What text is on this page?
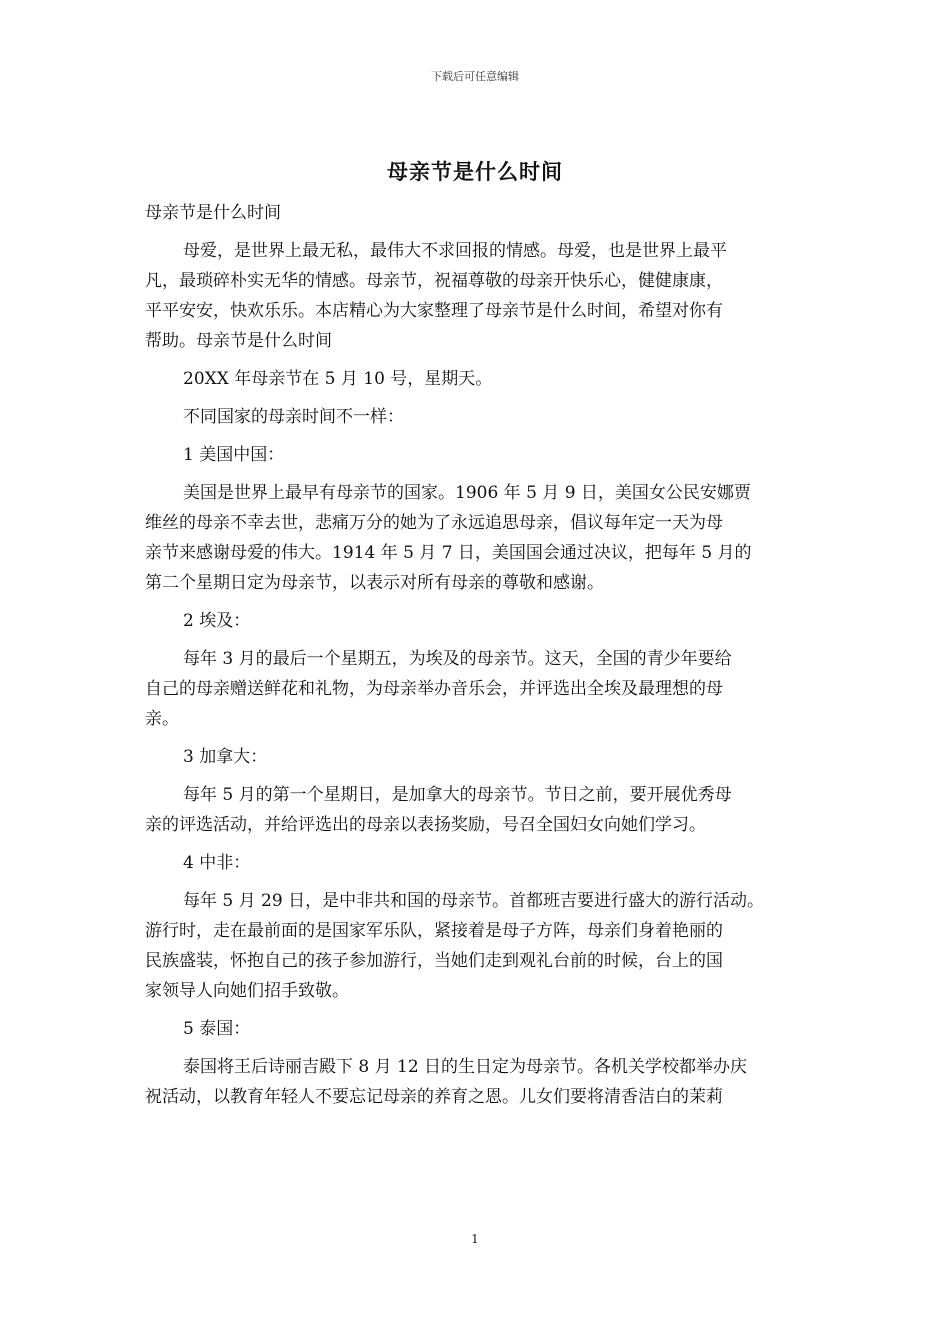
下载后可任意编辑
母亲节是什么时间
母亲节是什么时间
母爱，是世界上最无私，最伟大不求回报的情感。母爱，也是世界上最平
凡，最琐碎朴实无华的情感。母亲节，祝福尊敬的母亲开快乐心，健健康康，
平平安安，快欢乐乐。本店精心为大家整理了母亲节是什么时间，希望对你有
帮助。母亲节是什么时间
20XX 年母亲节在 5 月 10 号，星期天。
不同国家的母亲时间不一样：
1 美国中国：
美国是世界上最早有母亲节的国家。1906 年 5 月 9 日，美国女公民安娜贾
维丝的母亲不幸去世，悲痛万分的她为了永远追思母亲，倡议每年定一天为母
亲节来感谢母爱的伟大。1914 年 5 月 7 日，美国国会通过决议，把每年 5 月的
第二个星期日定为母亲节，以表示对所有母亲的尊敬和感谢。
2 埃及：
每年 3 月的最后一个星期五，为埃及的母亲节。这天，全国的青少年要给
自己的母亲赠送鲜花和礼物，为母亲举办音乐会，并评选出全埃及最理想的母
亲。
3 加拿大：
每年 5 月的第一个星期日，是加拿大的母亲节。节日之前，要开展优秀母
亲的评选活动，并给评选出的母亲以表扬奖励，号召全国妇女向她们学习。
4 中非：
每年 5 月 29 日，是中非共和国的母亲节。首都班吉要进行盛大的游行活动。
游行时，走在最前面的是国家军乐队，紧接着是母子方阵，母亲们身着艳丽的
民族盛装，怀抱自己的孩子参加游行，当她们走到观礼台前的时候，台上的国
家领导人向她们招手致敬。
5 泰国：
泰国将王后诗丽吉殿下 8 月 12 日的生日定为母亲节。各机关学校都举办庆
祝活动，以教育年轻人不要忘记母亲的养育之恩。儿女们要将清香洁白的茉莉
1
